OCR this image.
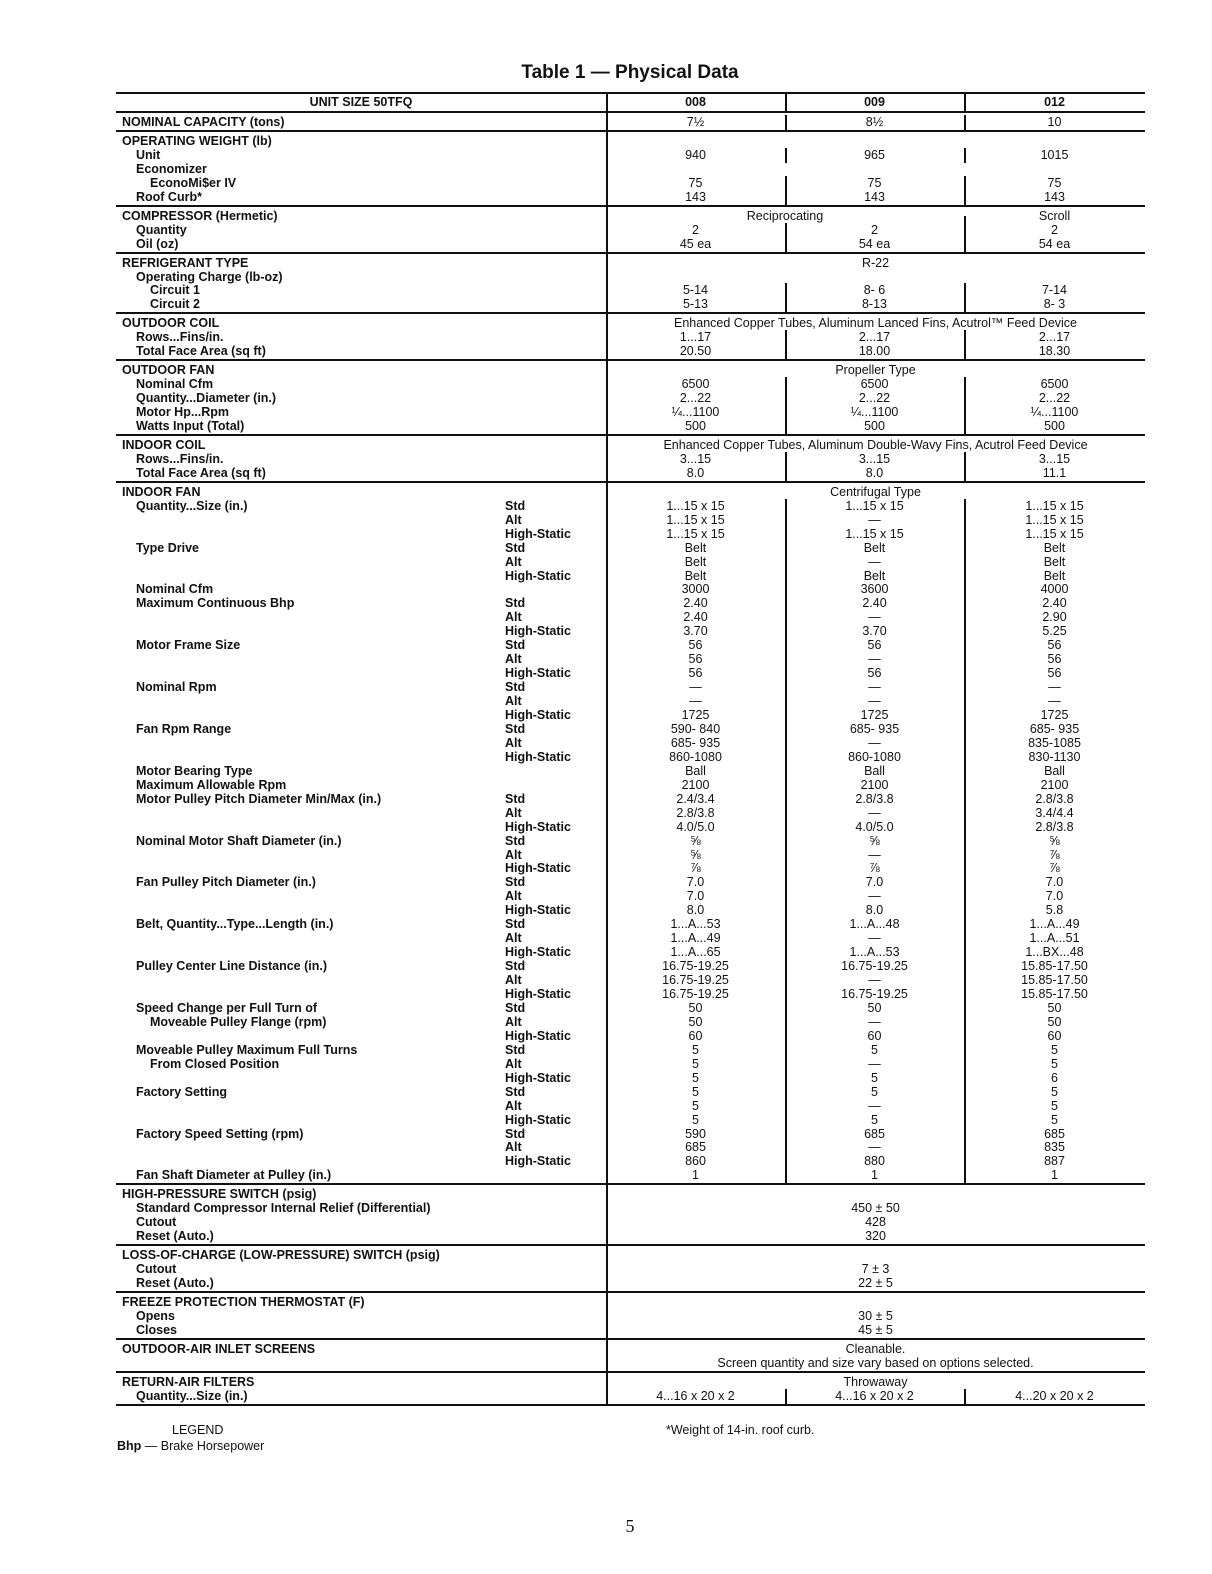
Table 1 — Physical Data
UNIT SIZE 50TFQ	008	009	012
NOMINAL CAPACITY (tons)	7½	8½	10
OPERATING WEIGHT (lb)
Unit	940	965	1015
Economizer
EconoMi$er IV	75	75	75
Roof Curb*	143	143	143
COMPRESSOR (Hermetic)	Reciprocating	Scroll
Quantity	2	2	2
Oil (oz)	45 ea	54 ea	54 ea
REFRIGERANT TYPE	R-22
Operating Charge (lb-oz)
Circuit 1	5-14	8- 6	7-14
Circuit 2	5-13	8-13	8- 3
OUTDOOR COIL	Enhanced Copper Tubes, Aluminum Lanced Fins, Acutrol™ Feed Device
Rows...Fins/in.	1...17	2...17	2...17
Total Face Area (sq ft)	20.50	18.00	18.30
OUTDOOR FAN	Propeller Type
Nominal Cfm	6500	6500	6500
Quantity...Diameter (in.)	2...22	2...22	2...22
Motor Hp...Rpm	¼...1100	¼...1100	¼...1100
Watts Input (Total)	500	500	500
INDOOR COIL	Enhanced Copper Tubes, Aluminum Double-Wavy Fins, Acutrol Feed Device
Rows...Fins/in.	3...15	3...15	3...15
Total Face Area (sq ft)	8.0	8.0	11.1
INDOOR FAN	Centrifugal Type
Quantity...Size (in.)	Std	1...15 x 15	1...15 x 15	1...15 x 15
Alt	1...15 x 15	—	1...15 x 15
High-Static	1...15 x 15	1...15 x 15	1...15 x 15
Type Drive	Std	Belt	Belt	Belt
Alt	Belt	—	Belt
High-Static	Belt	Belt	Belt
Nominal Cfm	3000	3600	4000
Maximum Continuous Bhp	Std	2.40	2.40	2.40
Alt	2.40	—	2.90
High-Static	3.70	3.70	5.25
Motor Frame Size	Std	56	56	56
Alt	56	—	56
High-Static	56	56	56
Nominal Rpm	Std	—	—	—
Alt	—	—	—
High-Static	1725	1725	1725
Fan Rpm Range	Std	590- 840	685- 935	685- 935
Alt	685- 935	—	835-1085
High-Static	860-1080	860-1080	830-1130
Motor Bearing Type	Ball	Ball	Ball
Maximum Allowable Rpm	2100	2100	2100
Motor Pulley Pitch Diameter Min/Max (in.)	Std	2.4/3.4	2.8/3.8	2.8/3.8
Alt	2.8/3.8	—	3.4/4.4
High-Static	4.0/5.0	4.0/5.0	2.8/3.8
Nominal Motor Shaft Diameter (in.)	Std	⅝	⅝	⅝
Alt	⅝	—	⅞
High-Static	⅞	⅞	⅞
Fan Pulley Pitch Diameter (in.)	Std	7.0	7.0	7.0
Alt	7.0	—	7.0
High-Static	8.0	8.0	5.8
Belt, Quantity...Type...Length (in.)	Std	1...A...53	1...A...48	1...A...49
Alt	1...A...49	—	1...A...51
High-Static	1...A...65	1...A...53	1...BX...48
Pulley Center Line Distance (in.)	Std	16.75-19.25	16.75-19.25	15.85-17.50
Alt	16.75-19.25	—	15.85-17.50
High-Static	16.75-19.25	16.75-19.25	15.85-17.50
Speed Change per Full Turn of	Std	50	50	50
Moveable Pulley Flange (rpm)	Alt	50	—	50
High-Static	60	60	60
Moveable Pulley Maximum Full Turns	Std	5	5	5
From Closed Position	Alt	5	—	5
High-Static	5	5	6
Factory Setting	Std	5	5	5
Alt	5	—	5
High-Static	5	5	5
Factory Speed Setting (rpm)	Std	590	685	685
Alt	685	—	835
High-Static	860	880	887
Fan Shaft Diameter at Pulley (in.)	1	1	1
HIGH-PRESSURE SWITCH (psig)
Standard Compressor Internal Relief (Differential)	450 ± 50
Cutout	428
Reset (Auto.)	320
LOSS-OF-CHARGE (LOW-PRESSURE) SWITCH (psig)
Cutout	7 ± 3
Reset (Auto.)	22 ± 5
FREEZE PROTECTION THERMOSTAT (F)
Opens	30 ± 5
Closes	45 ± 5
OUTDOOR-AIR INLET SCREENS	Cleanable.
Screen quantity and size vary based on options selected.
RETURN-AIR FILTERS	Throwaway
Quantity...Size (in.)	4...16 x 20 x 2	4...16 x 20 x 2	4...20 x 20 x 2
LEGEND
Bhp — Brake Horsepower
*Weight of 14-in. roof curb.
5
